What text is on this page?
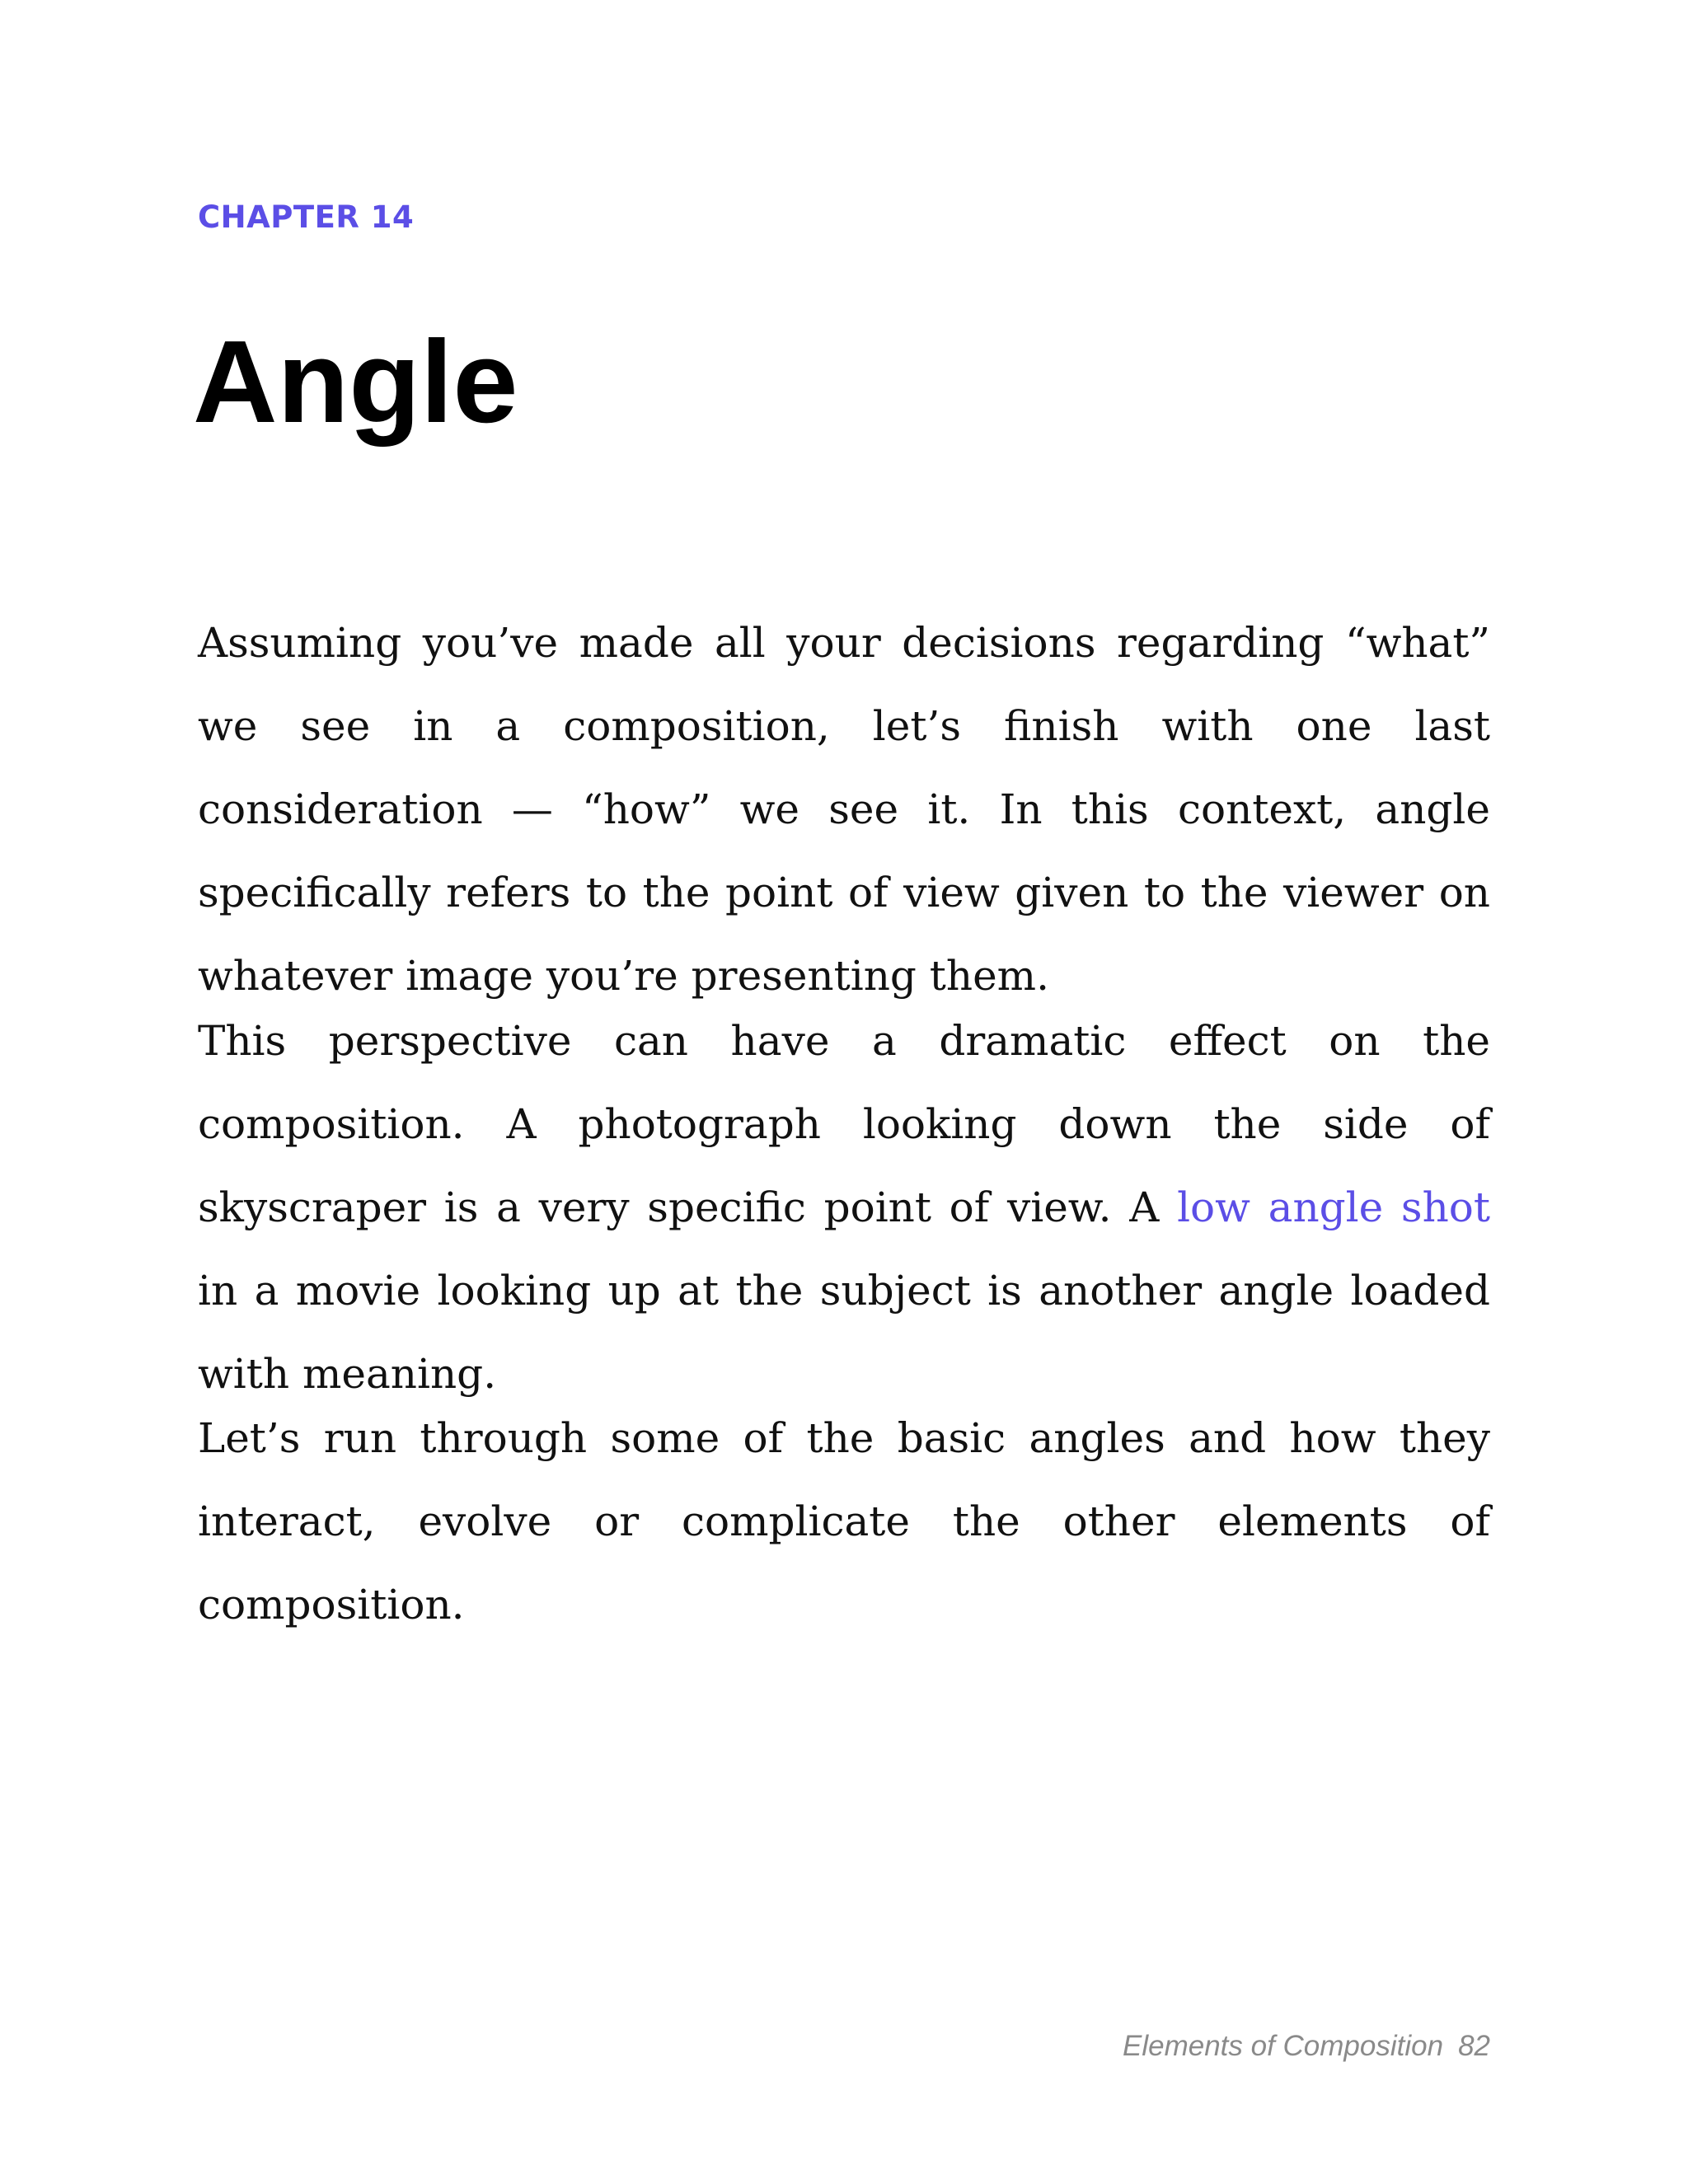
CHAPTER 14
Angle

Assuming you’ve made all your decisions regarding “what” we see in a composition, let’s finish with one last consideration — “how” we see it. In this context, angle specifically refers to the point of view given to the viewer on whatever image you’re presenting them.

This perspective can have a dramatic effect on the composition. A photograph looking down the side of skyscraper is a very specific point of view. A low angle shot in a movie looking up at the subject is another angle loaded with meaning.

Let’s run through some of the basic angles and how they interact, evolve or complicate the other elements of composition.

Elements of Composition 82
